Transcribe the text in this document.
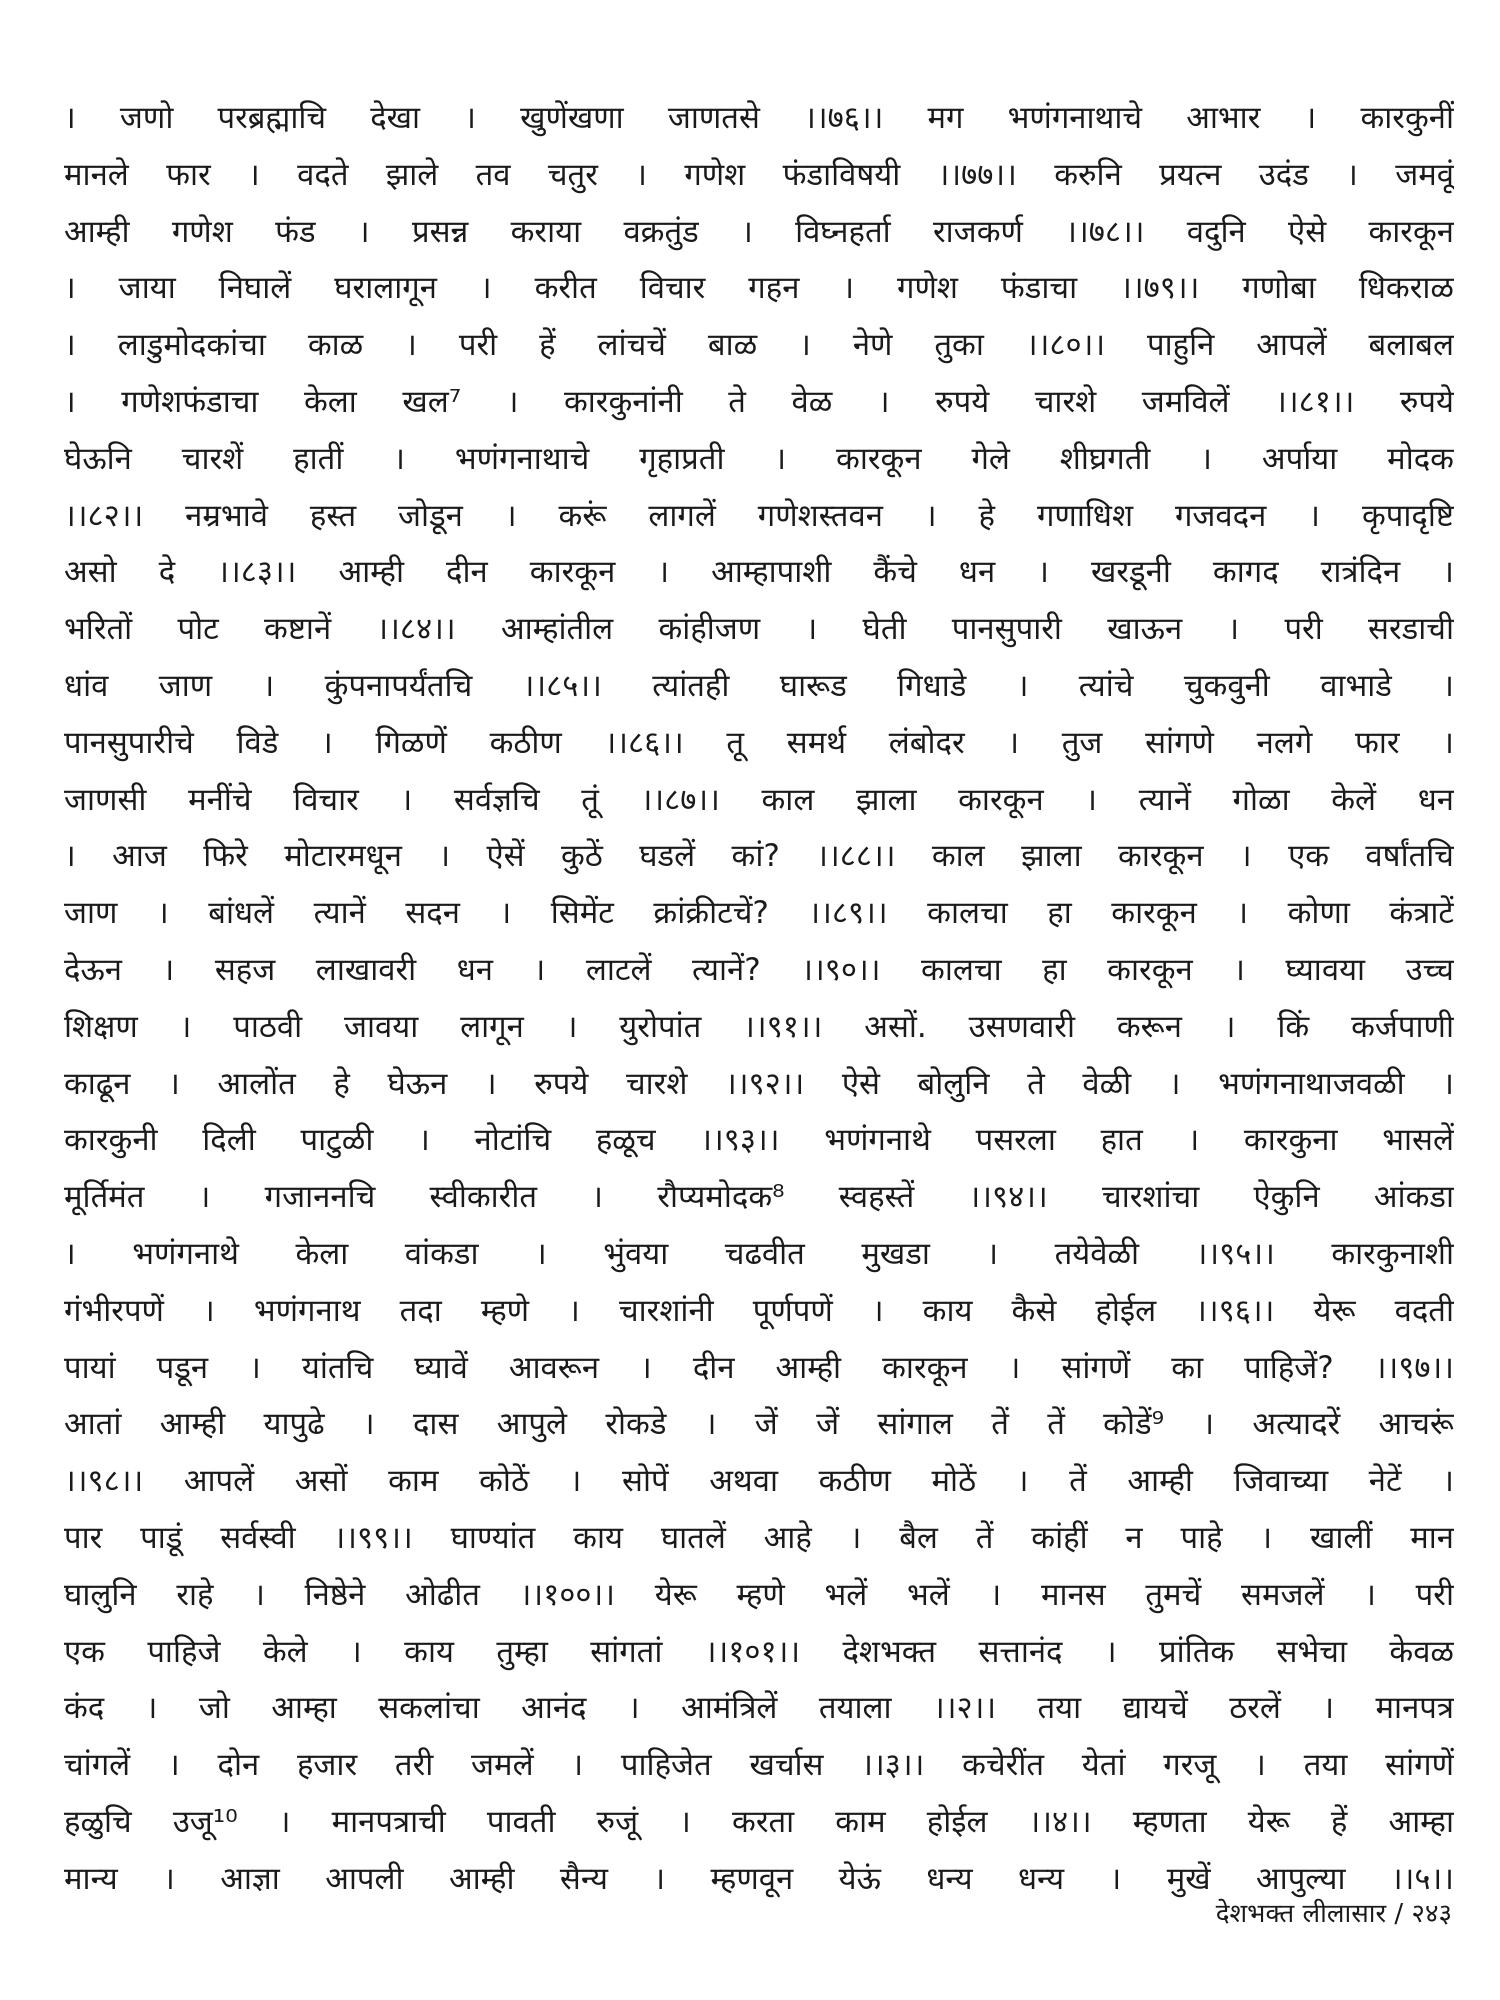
। जणो परब्रह्माचि देखा । खुणेंखणा जाणतसे ।।७६।। मग भणंगनाथाचे आभार । कारकुनीं
मानले फार । वदते झाले तव चतुर । गणेश फंडाविषयी ।।७७।। करुनि प्रयत्न उदंड । जमवूं
आम्ही गणेश फंड । प्रसन्न कराया वक्रतुंड । विघ्नहर्ता राजकर्ण ।।७८।। वदुनि ऐसे कारकून
। जाया निघालें घरालागून । करीत विचार गहन । गणेश फंडाचा ।।७९।। गणोबा धिकराळ
। लाडुमोदकांचा काळ । परी हें लांचचें बाळ । नेणे तुका ।।८०।। पाहुनि आपलें बलाबल
। गणेशफंडाचा केला खल⁷ । कारकुनांनी ते वेळ । रुपये चारशे जमविलें ।।८१।। रुपये
घेऊनि चारशें हातीं । भणंगनाथाचे गृहाप्रती । कारकून गेले शीघ्रगती । अर्पाया मोदक
।।८२।। नम्रभावे हस्त जोडून । करूं लागलें गणेशस्तवन । हे गणाधिश गजवदन । कृपादृष्टि
असो दे ।।८३।। आम्ही दीन कारकून । आम्हापाशी कैंचे धन । खरडूनी कागद रात्रंदिन ।
भरितों पोट कष्टानें ।।८४।। आम्हांतील कांहीजण । घेती पानसुपारी खाऊन । परी सरडाची
धांव जाण । कुंपनापर्यंतचि ।।८५।। त्यांतही घारूड गिधाडे । त्यांचे चुकवुनी वाभाडे ।
पानसुपारीचे विडे । गिळणें कठीण ।।८६।। तू समर्थ लंबोदर । तुज सांगणे नलगे फार ।
जाणसी मनींचे विचार । सर्वज्ञचि तूं ।।८७।। काल झाला कारकून । त्यानें गोळा केलें धन
। आज फिरे मोटारमधून । ऐसें कुठें घडलें कां? ।।८८।। काल झाला कारकून । एक वर्षांतचि
जाण । बांधलें त्यानें सदन । सिमेंट क्रांक्रीटचें? ।।८९।। कालचा हा कारकून । कोणा कंत्राटें
देऊन । सहज लाखावरी धन । लाटलें त्यानें? ।।९०।। कालचा हा कारकून । घ्यावया उच्च
शिक्षण । पाठवी जावया लागून । युरोपांत ।।९१।। असों. उसणवारी करून । किं कर्जपाणी
काढून । आलोंत हे घेऊन । रुपये चारशे ।।९२।। ऐसे बोलुनि ते वेळी । भणंगनाथाजवळी ।
कारकुनी दिली पाटुळी । नोटांचि हळूच ।।९३।। भणंगनाथे पसरला हात । कारकुना भासलें
मूर्तिमंत । गजाननचि स्वीकारीत । रौप्यमोदक⁸ स्वहस्तें ।।९४।। चारशांचा ऐकुनि आंकडा
। भणंगनाथे केला वांकडा । भुंवया चढवीत मुखडा । तयेवेळी ।।९५।। कारकुनाशी
गंभीरपणें । भणंगनाथ तदा म्हणे । चारशांनी पूर्णपणें । काय कैसे होईल ।।९६।। येरू वदती
पायां पडून । यांतचि घ्यावें आवरून । दीन आम्ही कारकून । सांगणें का पाहिजें? ।।९७।।
आतां आम्ही यापुढे । दास आपुले रोकडे । जें जें सांगाल तें तें कोडें⁹ । अत्यादरें आचरूं
।।९८।। आपलें असों काम कोठें । सोपें अथवा कठीण मोठें । तें आम्ही जिवाच्या नेटें ।
पार पाडूं सर्वस्वी ।।९९।। घाण्यांत काय घातलें आहे । बैल तें कांहीं न पाहे । खालीं मान
घालुनि राहे । निष्ठेने ओढीत ।।१००।। येरू म्हणे भलें भलें । मानस तुमचें समजलें । परी
एक पाहिजे केले । काय तुम्हा सांगतां ।।१०१।। देशभक्त सत्तानंद । प्रांतिक सभेचा केवळ
कंद । जो आम्हा सकलांचा आनंद । आमंत्रिलें तयाला ।।२।। तया द्यायचें ठरलें । मानपत्र
चांगलें । दोन हजार तरी जमलें । पाहिजेत खर्चास ।।३।। कचेरींत येतां गरजू । तया सांगणें
हळुचि उजू¹⁰ । मानपत्राची पावती रुजूं । करता काम होईल ।।४।। म्हणता येरू हें आम्हा
मान्य । आज्ञा आपली आम्ही सैन्य । म्हणवून येऊं धन्य धन्य । मुखें आपुल्या ।।५।।
देशभक्त लीलासार / २४३
